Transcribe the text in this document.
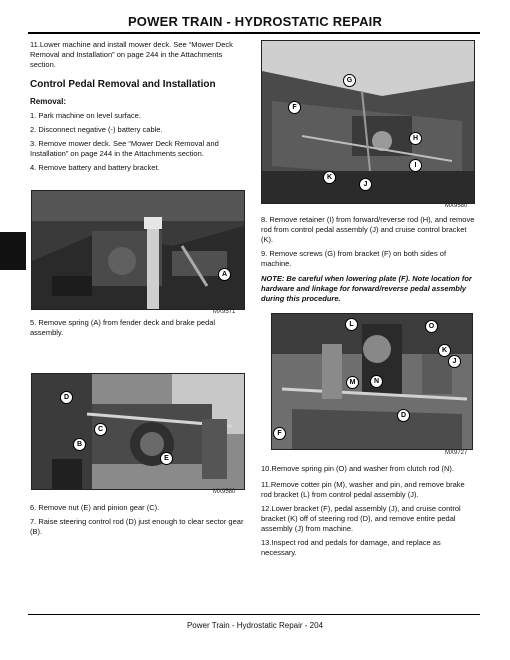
POWER TRAIN - HYDROSTATIC REPAIR

11.Lower machine and install mower deck. See “Mower Deck Removal and Installation” on page 244 in the Attachments section.

Control Pedal Removal and Installation

Removal:

1. Park machine on level surface.

2. Disconnect negative (-) battery cable.

3. Remove mower deck. See “Mower Deck Removal and Installation” on page 244 in the Attachments section.

4. Remove battery and battery bracket.

A
MX9571

5. Remove spring (A) from fender deck and brake pedal assembly.

D
C
B
E
MX9580

6. Remove nut (E) and pinion gear (C).

7. Raise steering control rod (D) just enough to clear sector gear (B).

G
F
H
I
K
J
MX9580

8. Remove retainer (I) from forward/reverse rod (H), and remove rod from control pedal assembly (J) and cruise control bracket (K).

9. Remove screws (G) from bracket (F) on both sides of machine.

NOTE: Be careful when lowering plate (F). Note location for hardware and linkage for forward/reverse pedal assembly during this procedure.

L	O
K
J
M	N
D
F
MX9727

10.Remove spring pin (O) and washer from clutch rod (N).

11.Remove cotter pin (M), washer and pin, and remove brake rod bracket (L) from control pedal assembly (J).

12.Lower bracket (F), pedal assembly (J), and cruise control bracket (K) off of steering rod (D), and remove entire pedal assembly (J) from machine.

13.Inspect rod and pedals for damage, and replace as necessary.

Power Train - Hydrostatic Repair - 204
